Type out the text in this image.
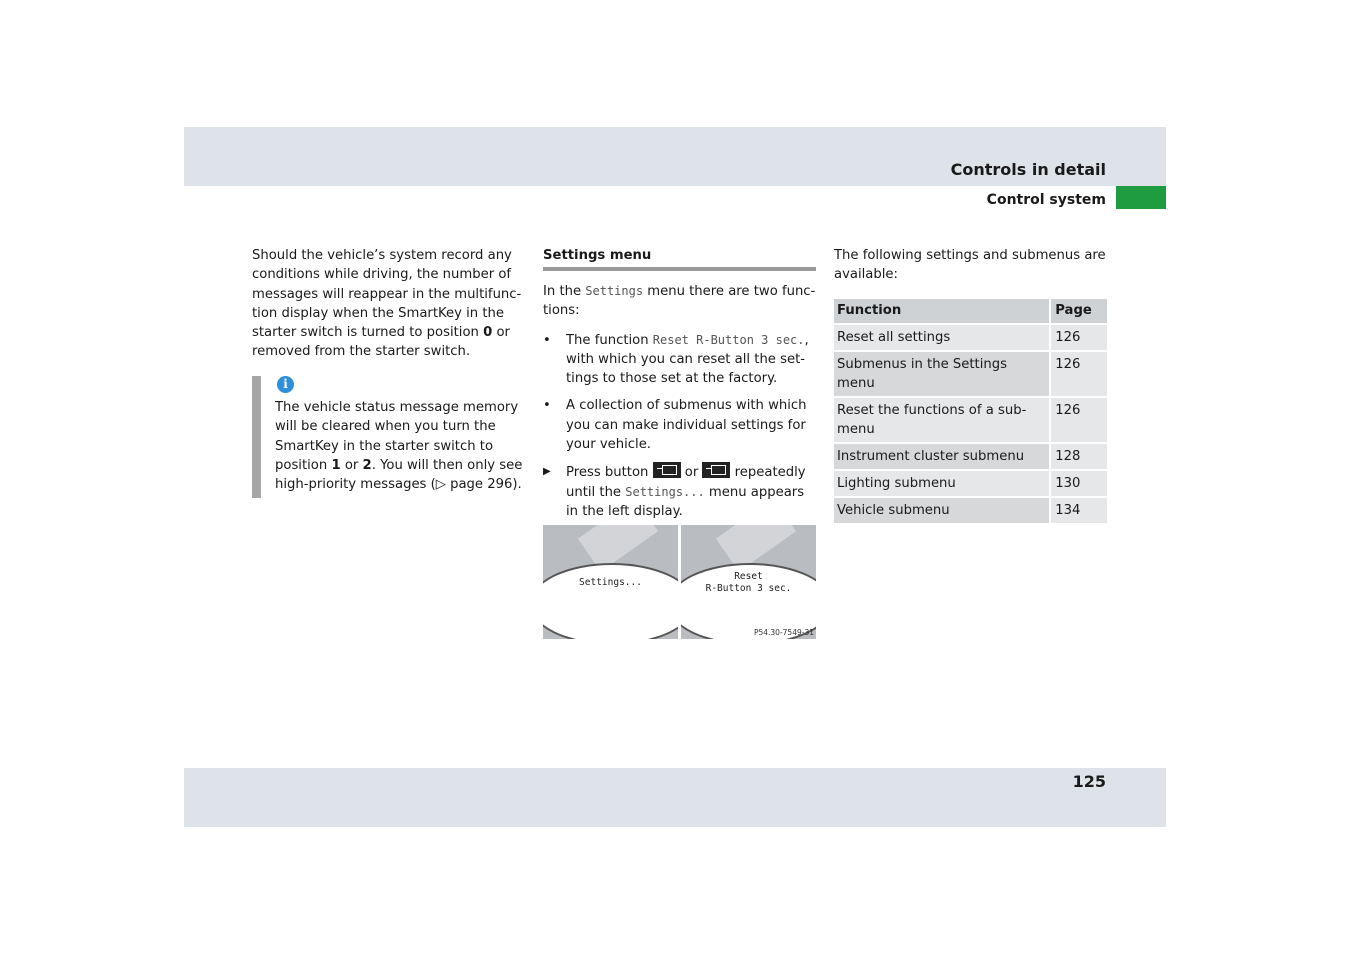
Controls in detail
Control system
Should the vehicle’s system record any conditions while driving, the number of messages will reappear in the multifunc-tion display when the SmartKey in the starter switch is turned to position 0 or removed from the starter switch.
i
The vehicle status message memory will be cleared when you turn the SmartKey in the starter switch to position 1 or 2. You will then only see high-priority messages (▷ page 296).
Settings menu
In the Settings menu there are two func-tions:
• The function Reset R-Button 3 sec., with which you can reset all the set-tings to those set at the factory.
• A collection of submenus with which you can make individual settings for your vehicle.
▶ Press button  or  repeatedly until the Settings... menu appears in the left display.
Settings...
Reset
R-Button 3 sec.
P54.30-7549-31
The following settings and submenus are available:
Function	Page
Reset all settings	126
Submenus in the Settings menu	126
Reset the functions of a sub-menu	126
Instrument cluster submenu	128
Lighting submenu	130
Vehicle submenu	134
125
